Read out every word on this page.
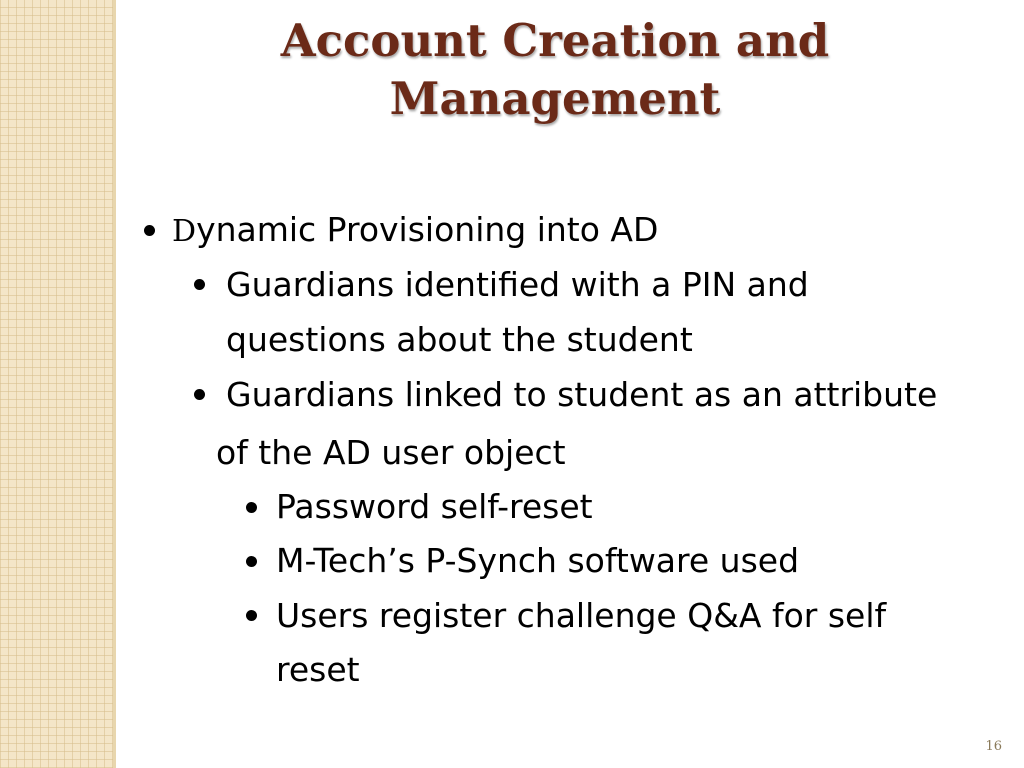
Account Creation and Management
Dynamic Provisioning into AD
Guardians identified with a PIN and
questions about the student
Guardians linked to student as an attribute
of the AD user object
Password self-reset
M-Tech’s P-Synch software used
Users register challenge Q&A for self
reset
16
